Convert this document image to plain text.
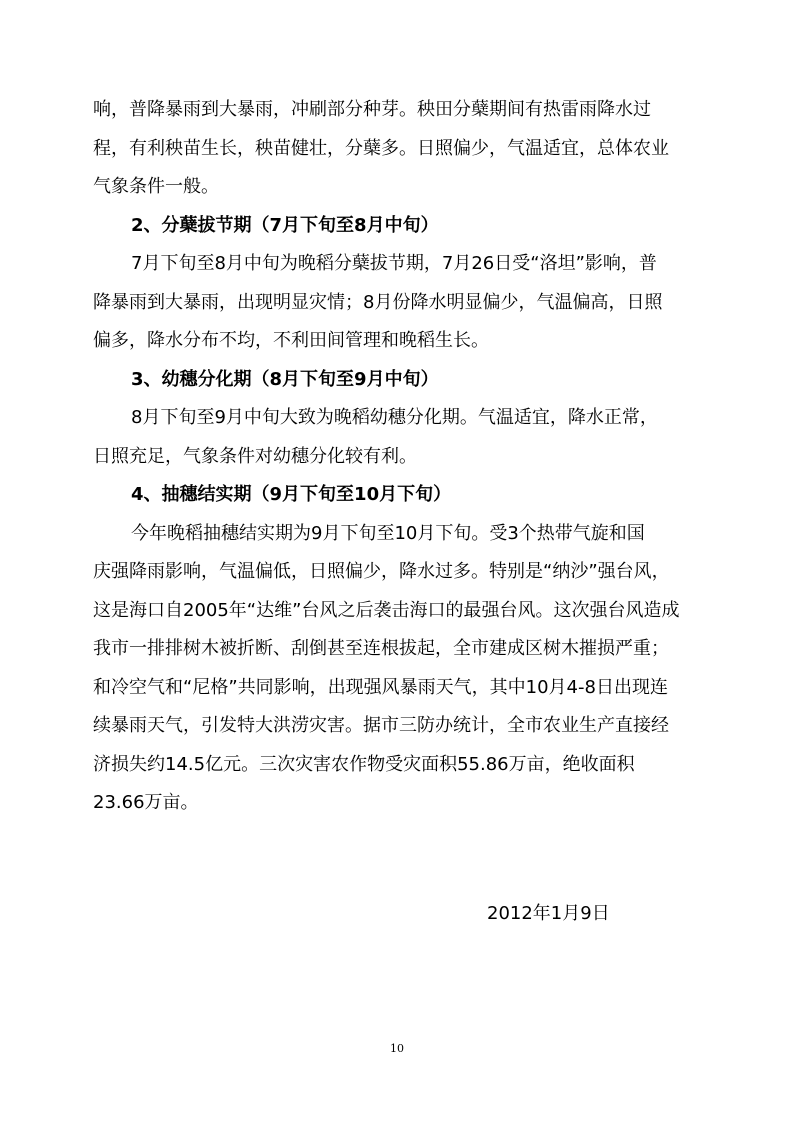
响，普降暴雨到大暴雨，冲刷部分种芽。秧田分蘖期间有热雷雨降水过
程，有利秧苗生长，秧苗健壮，分蘖多。日照偏少，气温适宜，总体农业
气象条件一般。
2、分蘖拔节期（7月下旬至8月中旬）
7月下旬至8月中旬为晚稻分蘖拔节期，7月26日受“洛坦”影响，普
降暴雨到大暴雨，出现明显灾情；8月份降水明显偏少，气温偏高，日照
偏多，降水分布不均，不利田间管理和晚稻生长。
3、幼穗分化期（8月下旬至9月中旬）
8月下旬至9月中旬大致为晚稻幼穗分化期。气温适宜，降水正常，
日照充足，气象条件对幼穗分化较有利。
4、抽穗结实期（9月下旬至10月下旬）
今年晚稻抽穗结实期为9月下旬至10月下旬。受3个热带气旋和国
庆强降雨影响，气温偏低，日照偏少，降水过多。特别是“纳沙”强台风，
这是海口自2005年“达维”台风之后袭击海口的最强台风。这次强台风造成
我市一排排树木被折断、刮倒甚至连根拔起，全市建成区树木摧损严重；
和冷空气和“尼格”共同影响，出现强风暴雨天气，其中10月4-8日出现连
续暴雨天气，引发特大洪涝灾害。据市三防办统计，全市农业生产直接经
济损失约14.5亿元。三次灾害农作物受灾面积55.86万亩，绝收面积
23.66万亩。
2012年1月9日
10
